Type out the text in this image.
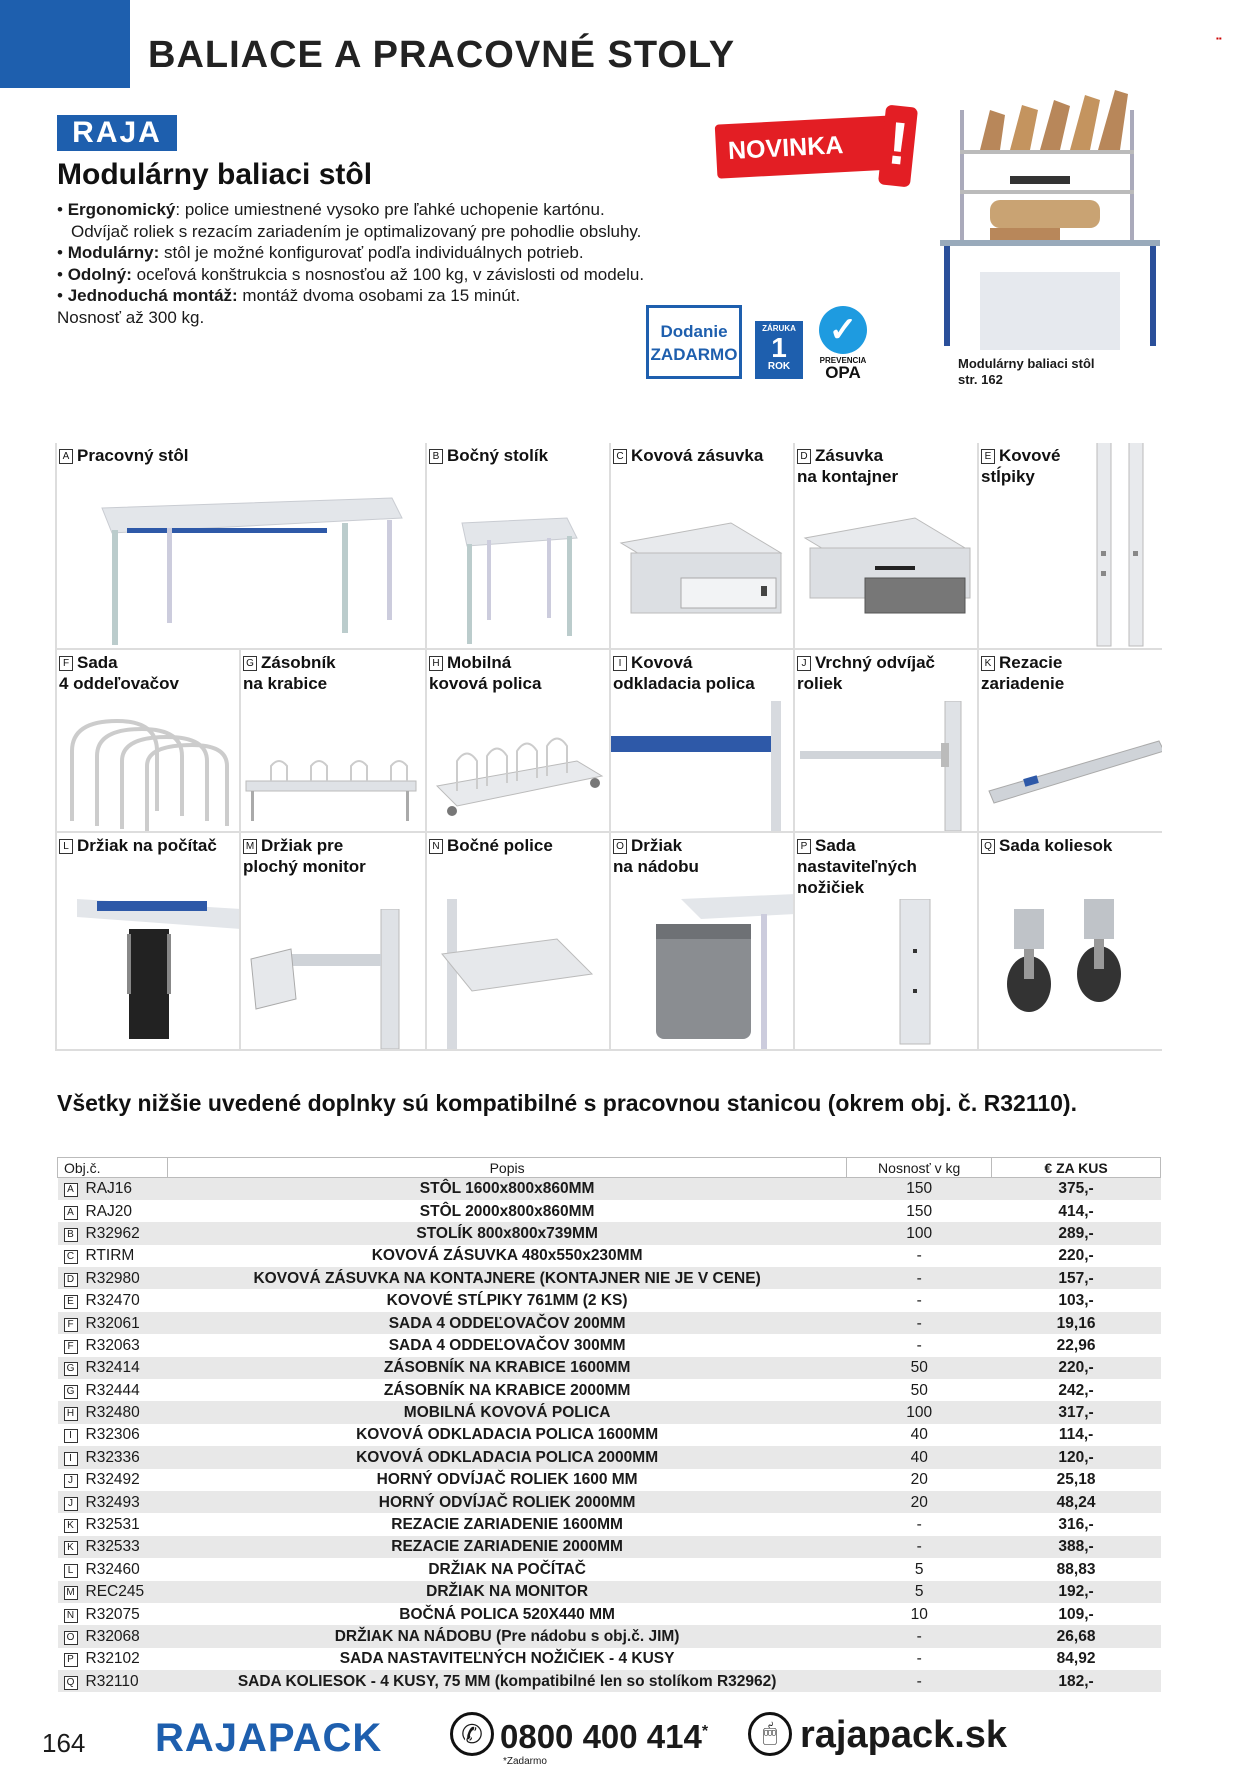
BALIACE A PRACOVNÉ STOLY	▪▪
RAJA
Modulárny baliaci stôl
• Ergonomický: police umiestnené vysoko pre ľahké uchopenie kartónu.
Odvíjač roliek s rezacím zariadením je optimalizovaný pre pohodlie obsluhy.
• Modulárny: stôl je možné konfigurovať podľa individuálnych potrieb.
• Odolný: oceľová konštrukcia s nosnosťou až 100 kg, v závislosti od modelu.
• Jednoduchá montáž: montáž dvoma osobami za 15 minút.
Nosnosť až 300 kg.
NOVINKA !
Dodanie
ZADARMO
ZÁRUKA
1
ROK
✓
PREVENCIA
OPA	Modulárny baliaci stôl
str. 162
A Pracovný stôl	B Bočný stolík	C Kovová zásuvka	D Zásuvka
na kontajner
E Kovové
stĺpiky
F Sada
4 oddeľovačov
G Zásobník
na krabice
H Mobilná
kovová polica
I Kovová
odkladacia polica
J Vrchný odvíjač
roliek
K Rezacie
zariadenie
L Držiak na počítač	M Držiak pre
plochý monitor
N Bočné police	O Držiak
na nádobu
P Sada
nastaviteľných
nožičiek
Q Sada koliesok
Všetky nižšie uvedené doplnky sú kompatibilné s pracovnou stanicou (okrem obj. č. R32110).
Obj.č.	Popis	Nosnosť v kg	€ ZA KUS
A RAJ16	STÔL 1600x800x860MM	150	375,-
A RAJ20	STÔL 2000x800x860MM	150	414,-
B R32962	STOLÍK 800x800x739MM	100	289,-
C RTIRM	KOVOVÁ ZÁSUVKA 480x550x230MM	-	220,-
D R32980	KOVOVÁ ZÁSUVKA NA KONTAJNERE (KONTAJNER NIE JE V CENE)	-	157,-
E R32470	KOVOVÉ STĹPIKY 761MM (2 KS)	-	103,-
F R32061	SADA 4 ODDEĽOVAČOV 200MM	-	19,16
F R32063	SADA 4 ODDEĽOVAČOV 300MM	-	22,96
G R32414	ZÁSOBNÍK NA KRABICE 1600MM	50	220,-
G R32444	ZÁSOBNÍK NA KRABICE 2000MM	50	242,-
H R32480	MOBILNÁ KOVOVÁ POLICA	100	317,-
I R32306	KOVOVÁ ODKLADACIA POLICA 1600MM	40	114,-
I R32336	KOVOVÁ ODKLADACIA POLICA 2000MM	40	120,-
J R32492	HORNÝ ODVÍJAČ ROLIEK 1600 MM	20	25,18
J R32493	HORNÝ ODVÍJAČ ROLIEK 2000MM	20	48,24
K R32531	REZACIE ZARIADENIE 1600MM	-	316,-
K R32533	REZACIE ZARIADENIE 2000MM	-	388,-
L R32460	DRŽIAK NA POČÍTAČ	5	88,83
M REC245	DRŽIAK NA MONITOR	5	192,-
N R32075	BOČNÁ POLICA 520X440 MM	10	109,-
O R32068	DRŽIAK NA NÁDOBU (Pre nádobu s obj.č. JIM)	-	26,68
P R32102	SADA NASTAVITEĽNÝCH NOŽIČIEK - 4 KUSY	-	84,92
Q R32110	SADA KOLIESOK - 4 KUSY, 75 MM (kompatibilné len so stolíkom R32962)	-	182,-
164 RAJAPACK	✆ 0800 400 414*
*Zadarmo
🖱 rajapack.sk
